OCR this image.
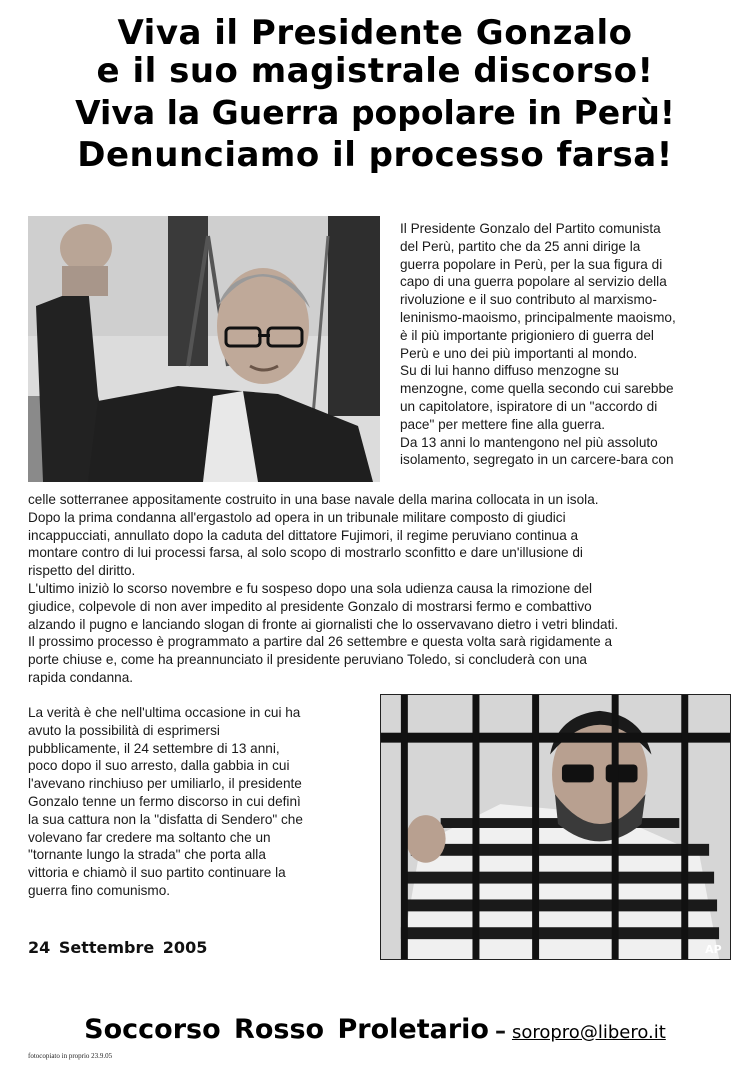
Viva il Presidente Gonzalo
e il suo magistrale discorso!
Viva la Guerra popolare in Perù!
Denunciamo il processo farsa!
Il Presidente Gonzalo del Partito comunista
del Perù, partito che da 25 anni dirige la
guerra popolare in Perù, per la sua figura di
capo di una guerra popolare al servizio della
rivoluzione e il suo contributo al marxismo-
leninismo-maoismo, principalmente maoismo,
è il più importante prigioniero di guerra del
Perù e uno dei più importanti al mondo.
Su di lui hanno diffuso menzogne su
menzogne, come quella secondo cui sarebbe
un capitolatore, ispiratore di un "accordo di
pace" per mettere fine alla guerra.
Da 13 anni lo mantengono nel più assoluto
isolamento, segregato in un carcere-bara con
celle sotterranee appositamente costruito in una base navale della marina collocata in un isola.
Dopo la prima condanna all'ergastolo ad opera in un tribunale militare composto di giudici
incappucciati, annullato dopo la caduta del dittatore Fujimori, il regime peruviano continua a
montare contro di lui processi farsa, al solo scopo di mostrarlo sconfitto e dare un'illusione di
rispetto del diritto.
L'ultimo iniziò lo scorso novembre e fu sospeso dopo una sola udienza causa la rimozione del
giudice, colpevole di non aver impedito al presidente Gonzalo di mostrarsi fermo e combattivo
alzando il pugno e lanciando slogan di fronte ai giornalisti che lo osservavano dietro i vetri blindati.
Il prossimo processo è programmato a partire dal 26 settembre e questa volta sarà rigidamente a
porte chiuse e, come ha preannunciato il presidente peruviano Toledo, si concluderà con una
rapida condanna.
La verità è che nell'ultima occasione in cui ha
avuto la possibilità di esprimersi
pubblicamente, il 24 settembre di 13 anni,
poco dopo il suo arresto, dalla gabbia in cui
l'avevano rinchiuso per umiliarlo, il presidente
Gonzalo tenne un fermo discorso in cui definì
la sua cattura non la "disfatta di Sendero" che
volevano far credere ma soltanto che un
"tornante lungo la strada" che porta alla
vittoria e chiamò il suo partito continuare la
guerra fino comunismo.
AP
24 Settembre 2005
Soccorso Rosso Proletario – soropro@libero.it
fotocopiato in proprio 23.9.05
